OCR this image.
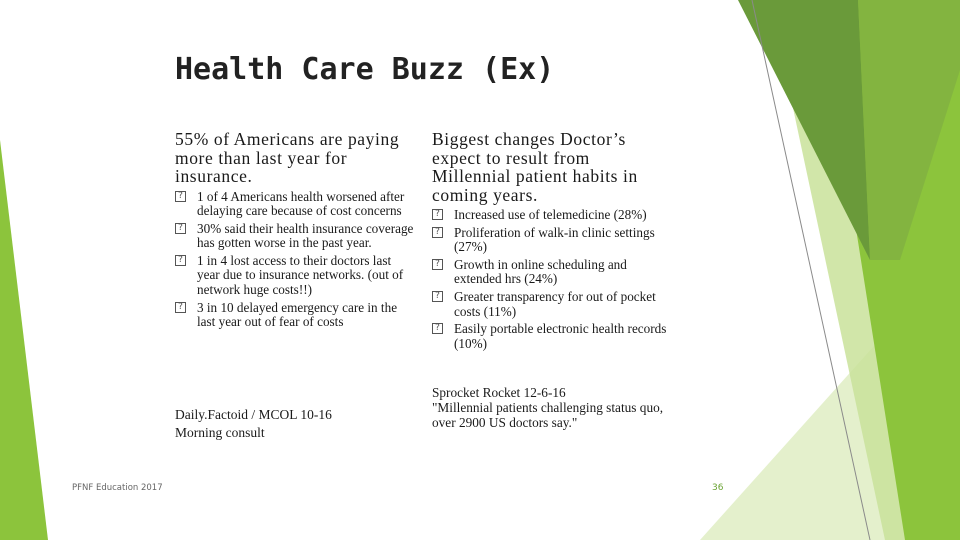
Health Care Buzz (Ex)
55% of Americans are paying more than last year for insurance.
? 1 of 4 Americans health worsened after delaying care because of cost concerns
? 30% said their health insurance coverage has gotten worse in the past year.
? 1 in 4 lost access to their doctors last year due to insurance networks. (out of network huge costs!!)
? 3 in 10 delayed emergency care in the last year out of fear of costs
Daily.Factoid / MCOL 10-16
Morning consult
Biggest changes Doctor’s expect to result from Millennial patient habits in coming years.
? Increased use of telemedicine (28%)
? Proliferation of walk-in clinic settings (27%)
? Growth in online scheduling and extended hrs (24%)
? Greater transparency for out of pocket costs (11%)
? Easily portable electronic health records (10%)
Sprocket Rocket 12-6-16
"Millennial patients challenging status quo, over 2900 US doctors say."
PFNF Education 2017	36
